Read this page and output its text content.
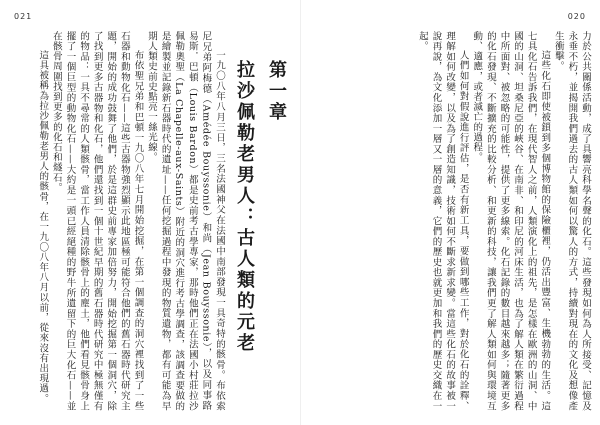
021	020

力於公共關係活動，成了具響亮科學名聲的化石。這些發現如何為人所接受、記憶及永垂不朽，並揭開我們過去的古人類如何以驚人的方式，持續對現在的文化及想像產生衝擊。

這些化石即使被鎖到多個博物館的保險櫃裡，仍活出豐富、生機勃勃的生活。這七具化石告訴我們，在現代智人之前，人類演化上的祖先，是怎樣在歐洲的山洞、中國的山洞、坦桑尼亞的峽谷、在南非、和印尼的河床生活，也為了解人類在繁衍過程中所面對、被忽略的可能性，提供了更多線索。化石記錄的數目越來越多；隨著更多的化石發現、不斷擴充的比較分析、和更新的科技，讓我們更了解人類如何與環境互動、適應，或者滅亡的過程。

人們如何對假說進行評估，是否有新工具，要做到哪些工作，對於化石的詮釋、理解如何改變，以及為了創造知識，技術如何不斷求新求變。當這些化石的故事被一說再說，為文化添加一層又一層的意義，它們的歷史也就更加和我們的歷史交織在一起。

第一章
拉沙佩勒老男人：古人類的元老

一九〇八年八月三日，三名法國神父在法國中南部發現一具奇特的骸骨。布依索尼兄弟阿梅德（Amédée Bouyssonie）和尚（Jean Bouyssonie），以及同事路易斯．巴頓（Louis Bardon）都是史前考古學專家，那時他們正在法國小村莊拉沙佩勒奧聖（La Chapelle-aux-Saints）附近的洞穴進行考古學調查，該調查要做的是繪製並記錄新石器時代的遺址——任何挖掘過程中發現的物質遺物，都有可能為早期人類史前史點亮一絲光線。

布依聖兄弟和巴頓一九〇八年七月開始挖掘，在第一個調查的洞穴裡找到了一些石器和動物化石——這些古器物強烈顯示此地區極可能符合他們的舊石器時代研究主題，開始的成功鼓舞了他們，於是這群史前專家加倍努力，開始挖掘第一個洞穴，除了找到更多古器物和化石，他們還找到一個十世紀早期的舊石器時代研究中極無僅有的物品：一具不尋常的人類骸骨，當工作人員清除骸骨上的塵土，他們看見骸骨身上擺了一個巨型的動物化石——大約是一頭已經絕種的野牛所遺留下的巨大化石——並在骸骨周圍找到更多的化石和燧石。

這具被稱為拉沙佩勒老男人的骸骨，在一九〇八年八月以前，從來沒有出現過。
